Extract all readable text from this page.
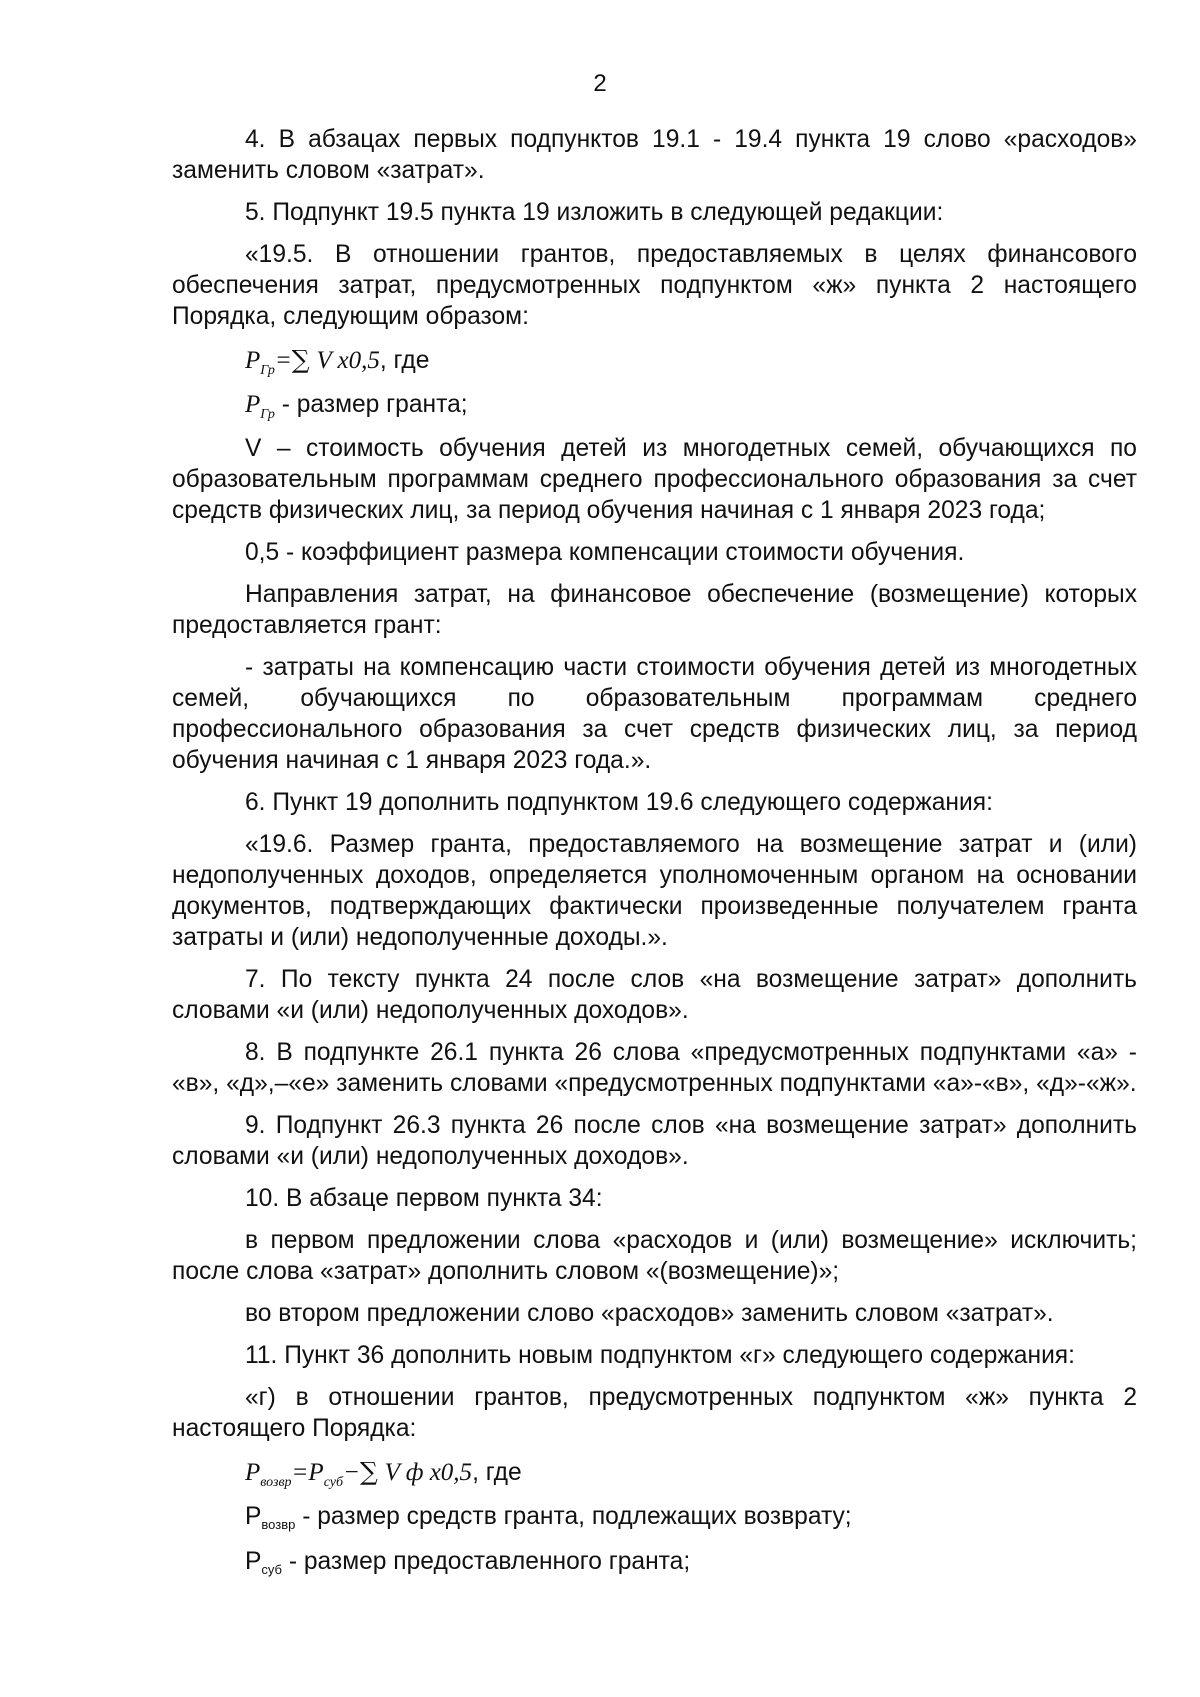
2

4. В абзацах первых подпунктов 19.1 - 19.4 пункта 19 слово «расходов» заменить словом «затрат».

5. Подпункт 19.5 пункта 19 изложить в следующей редакции:

«19.5. В отношении грантов, предоставляемых в целях финансового обеспечения затрат, предусмотренных подпунктом «ж» пункта 2 настоящего Порядка, следующим образом:

$P_{Гр}=\sum$ V x0,5, где
$P_{Гр}$ - размер гранта;

V – стоимость обучения детей из многодетных семей, обучающихся по образовательным программам среднего профессионального образования за счет средств физических лиц, за период обучения начиная с 1 января 2023 года;

0,5 - коэффициент размера компенсации стоимости обучения.

Направления затрат, на финансовое обеспечение (возмещение) которых предоставляется грант:

- затраты на компенсацию части стоимости обучения детей из многодетных семей, обучающихся по образовательным программам среднего профессионального образования за счет средств физических лиц, за период обучения начиная с 1 января 2023 года.».

6. Пункт 19 дополнить подпунктом 19.6 следующего содержания:

«19.6. Размер гранта, предоставляемого на возмещение затрат и (или) недополученных доходов, определяется уполномоченным органом на основании документов, подтверждающих фактически произведенные получателем гранта затраты и (или) недополученные доходы.».

7. По тексту пункта 24 после слов «на возмещение затрат» дополнить словами «и (или) недополученных доходов».

8. В подпункте 26.1 пункта 26 слова «предусмотренных подпунктами «а» - «в», «д»,–«е» заменить словами «предусмотренных подпунктами «а»-«в», «д»-«ж».

9. Подпункт 26.3 пункта 26 после слов «на возмещение затрат» дополнить словами «и (или) недополученных доходов».

10. В абзаце первом пункта 34:

в первом предложении слова «расходов и (или) возмещение» исключить; после слова «затрат» дополнить словом «(возмещение)»;

во втором предложении слово «расходов» заменить словом «затрат».

11. Пункт 36 дополнить новым подпунктом «г» следующего содержания:

«г) в отношении грантов, предусмотренных подпунктом «ж» пункта 2 настоящего Порядка:

$P_{возвр}=P_{суб}-\sum$ V ф x0,5, где
$Р_{возвр}$ - размер средств гранта, подлежащих возврату;
$Р_{суб}$ - размер предоставленного гранта;
